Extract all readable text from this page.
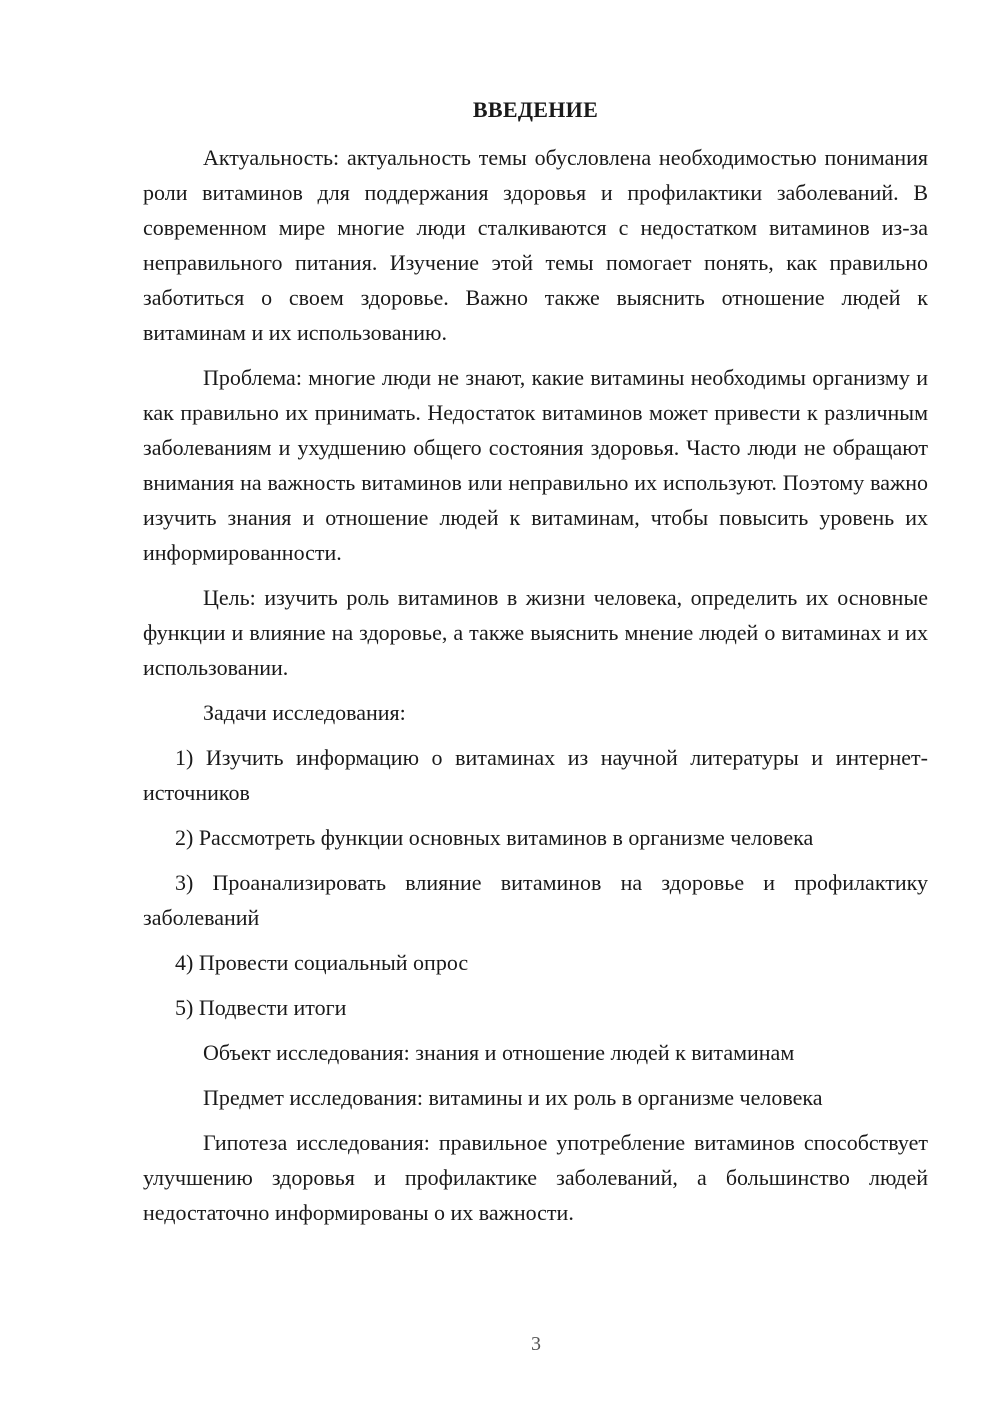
ВВЕДЕНИЕ

Актуальность: актуальность темы обусловлена необходимостью понимания роли витаминов для поддержания здоровья и профилактики заболеваний. В современном мире многие люди сталкиваются с недостатком витаминов из-за неправильного питания. Изучение этой темы помогает понять, как правильно заботиться о своем здоровье. Важно также выяснить отношение людей к витаминам и их использованию.

Проблема: многие люди не знают, какие витамины необходимы организму и как правильно их принимать. Недостаток витаминов может привести к различным заболеваниям и ухудшению общего состояния здоровья. Часто люди не обращают внимания на важность витаминов или неправильно их используют. Поэтому важно изучить знания и отношение людей к витаминам, чтобы повысить уровень их информированности.

Цель: изучить роль витаминов в жизни человека, определить их основные функции и влияние на здоровье, а также выяснить мнение людей о витаминах и их использовании.

Задачи исследования:

1) Изучить информацию о витаминах из научной литературы и интернет-источников

2) Рассмотреть функции основных витаминов в организме человека

3) Проанализировать влияние витаминов на здоровье и профилактику заболеваний

4) Провести социальный опрос

5) Подвести итоги

Объект исследования: знания и отношение людей к витаминам

Предмет исследования: витамины и их роль в организме человека

Гипотеза исследования: правильное употребление витаминов способствует улучшению здоровья и профилактике заболеваний, а большинство людей недостаточно информированы о их важности.

3
